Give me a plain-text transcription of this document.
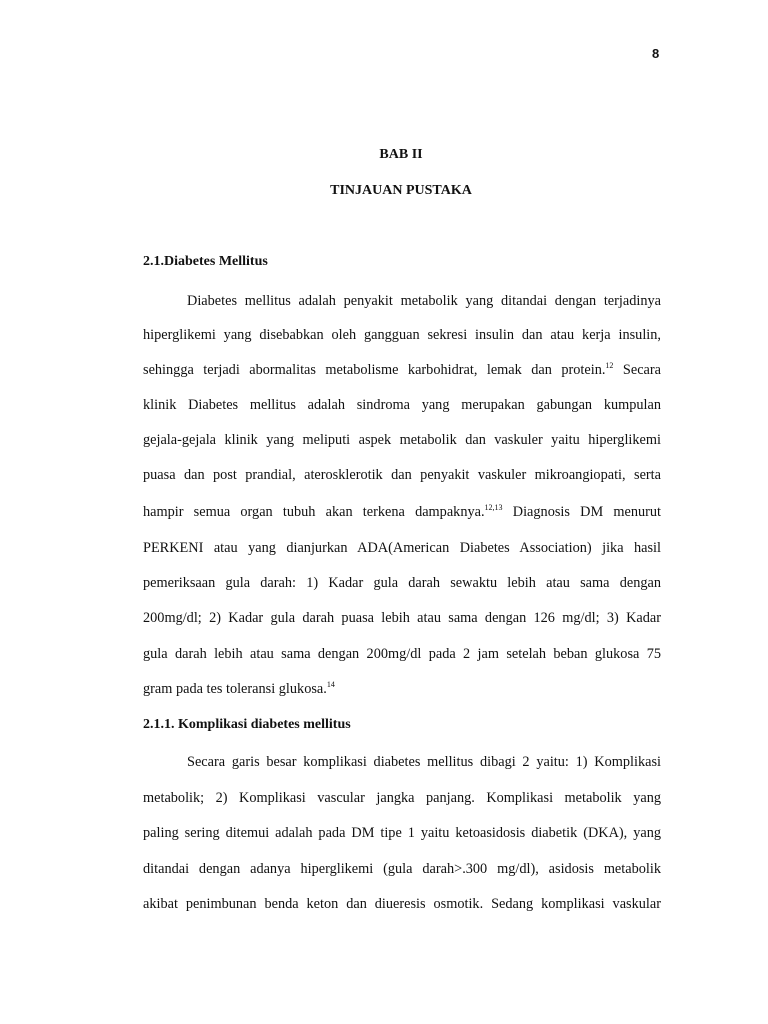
8
BAB II
TINJAUAN PUSTAKA
2.1.Diabetes Mellitus
Diabetes mellitus adalah penyakit metabolik yang ditandai dengan terjadinya
hiperglikemi yang disebabkan oleh gangguan sekresi insulin dan atau kerja insulin,
sehingga terjadi abormalitas metabolisme karbohidrat, lemak dan protein.$^{12}$ Secara
klinik Diabetes mellitus adalah sindroma yang merupakan gabungan kumpulan
gejala-gejala klinik yang meliputi aspek metabolik dan vaskuler yaitu hiperglikemi
puasa dan post prandial, aterosklerotik dan penyakit vaskuler mikroangiopati, serta
hampir semua organ tubuh akan terkena dampaknya.$^{12,13}$ Diagnosis DM menurut
PERKENI atau yang dianjurkan ADA(American Diabetes Association) jika hasil
pemeriksaan gula darah: 1) Kadar gula darah sewaktu lebih atau sama dengan
200mg/dl; 2) Kadar gula darah puasa lebih atau sama dengan 126 mg/dl; 3) Kadar
gula darah lebih atau sama dengan 200mg/dl pada 2 jam setelah beban glukosa 75
gram pada tes toleransi glukosa.$^{14}$
2.1.1. Komplikasi diabetes mellitus
Secara garis besar komplikasi diabetes mellitus dibagi 2 yaitu: 1) Komplikasi
metabolik; 2) Komplikasi vascular jangka panjang. Komplikasi metabolik yang
paling sering ditemui adalah pada DM tipe 1 yaitu ketoasidosis diabetik (DKA), yang
ditandai dengan adanya hiperglikemi (gula darah>.300 mg/dl), asidosis metabolik
akibat penimbunan benda keton dan diueresis osmotik. Sedang komplikasi vaskular
